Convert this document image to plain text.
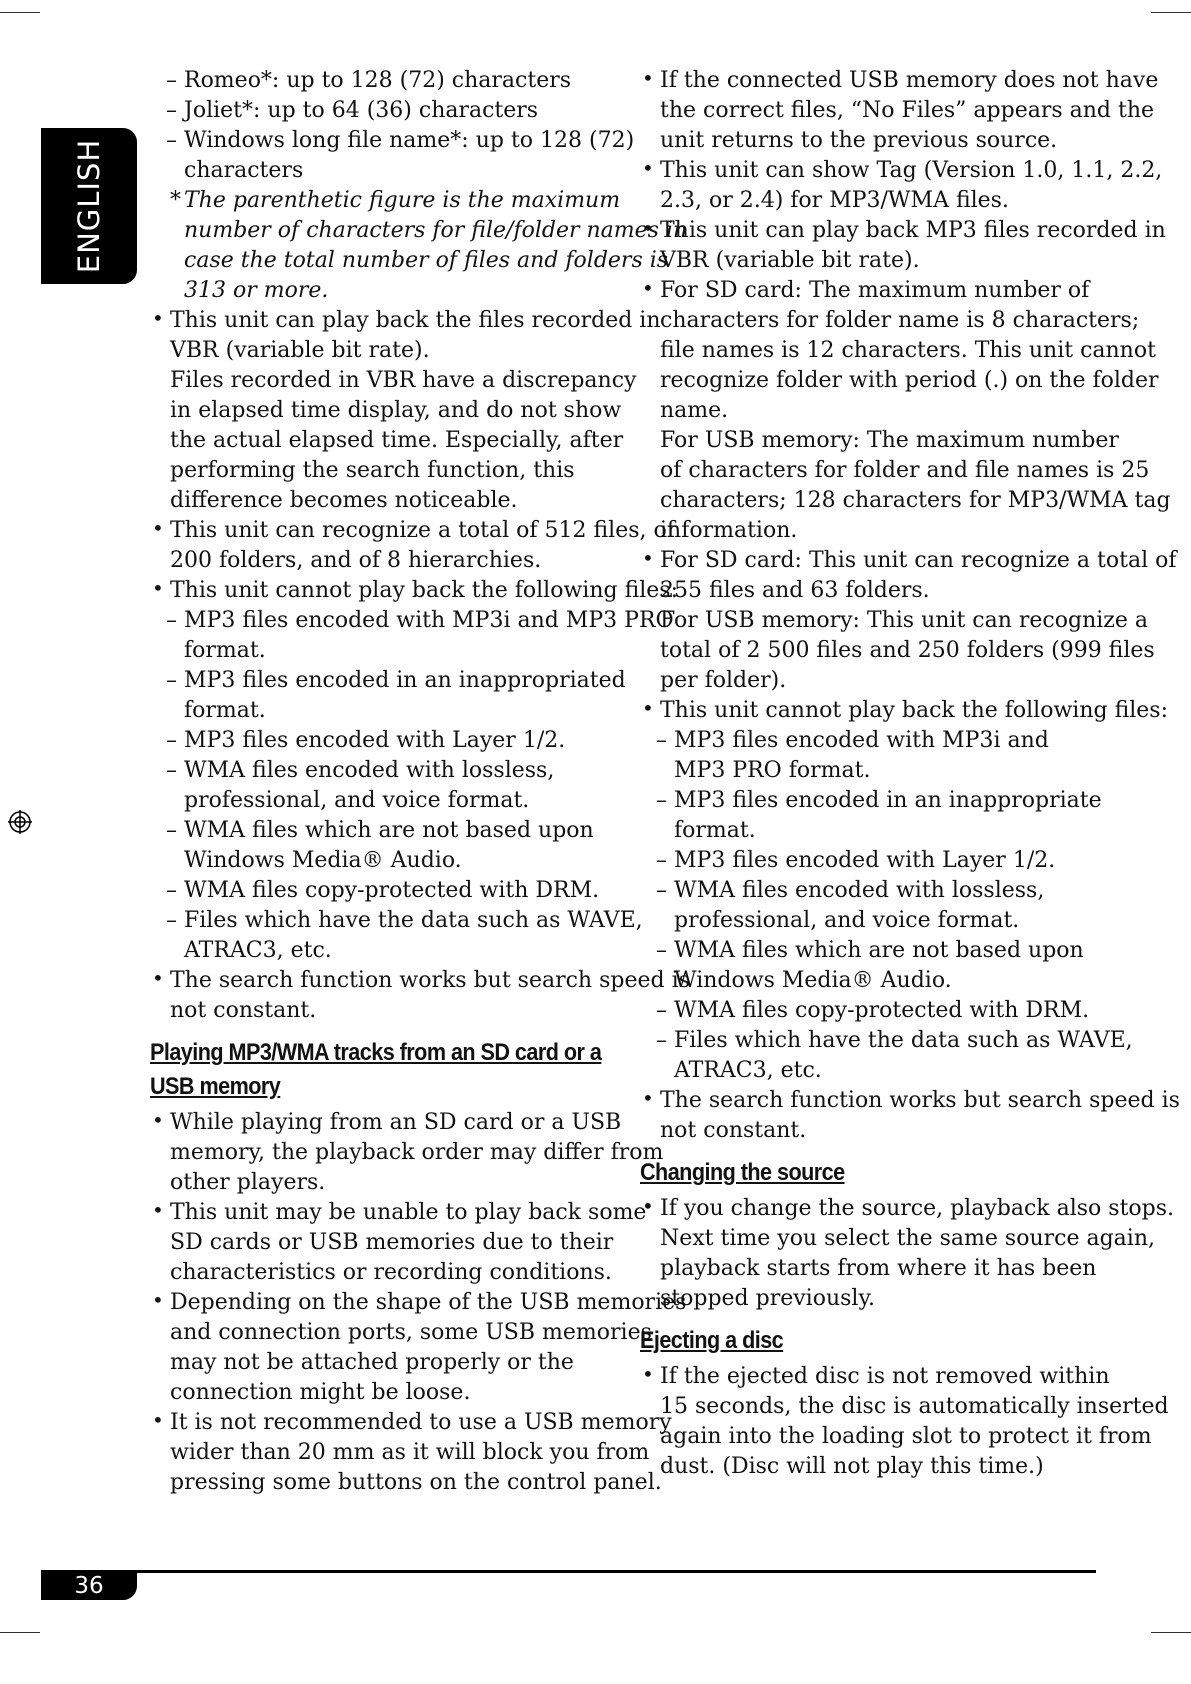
ENGLISH
– Romeo*: up to 128 (72) characters
– Joliet*: up to 64 (36) characters
– Windows long file name*: up to 128 (72)
characters
* The parenthetic figure is the maximum
number of characters for file/folder names in
case the total number of files and folders is
313 or more.
• This unit can play back the files recorded in
VBR (variable bit rate).
Files recorded in VBR have a discrepancy
in elapsed time display, and do not show
the actual elapsed time. Especially, after
performing the search function, this
difference becomes noticeable.
• This unit can recognize a total of 512 files, of
200 folders, and of 8 hierarchies.
• This unit cannot play back the following files:
– MP3 files encoded with MP3i and MP3 PRO
format.
– MP3 files encoded in an inappropriated
format.
– MP3 files encoded with Layer 1/2.
– WMA files encoded with lossless,
professional, and voice format.
– WMA files which are not based upon
Windows Media® Audio.
– WMA files copy-protected with DRM.
– Files which have the data such as WAVE,
ATRAC3, etc.
• The search function works but search speed is
not constant.
Playing MP3/WMA tracks from an SD card or a
USB memory
• While playing from an SD card or a USB
memory, the playback order may differ from
other players.
• This unit may be unable to play back some
SD cards or USB memories due to their
characteristics or recording conditions.
• Depending on the shape of the USB memories
and connection ports, some USB memories
may not be attached properly or the
connection might be loose.
• It is not recommended to use a USB memory
wider than 20 mm as it will block you from
pressing some buttons on the control panel.
• If the connected USB memory does not have
the correct files, “No Files” appears and the
unit returns to the previous source.
• This unit can show Tag (Version 1.0, 1.1, 2.2,
2.3, or 2.4) for MP3/WMA files.
• This unit can play back MP3 files recorded in
VBR (variable bit rate).
• For SD card: The maximum number of
characters for folder name is 8 characters;
file names is 12 characters. This unit cannot
recognize folder with period (.) on the folder
name.
For USB memory: The maximum number
of characters for folder and file names is 25
characters; 128 characters for MP3/WMA tag
information.
• For SD card: This unit can recognize a total of
255 files and 63 folders.
For USB memory: This unit can recognize a
total of 2 500 files and 250 folders (999 files
per folder).
• This unit cannot play back the following files:
– MP3 files encoded with MP3i and
MP3 PRO format.
– MP3 files encoded in an inappropriate
format.
– MP3 files encoded with Layer 1/2.
– WMA files encoded with lossless,
professional, and voice format.
– WMA files which are not based upon
Windows Media® Audio.
– WMA files copy-protected with DRM.
– Files which have the data such as WAVE,
ATRAC3, etc.
• The search function works but search speed is
not constant.
Changing the source
• If you change the source, playback also stops.
Next time you select the same source again,
playback starts from where it has been
stopped previously.
Ejecting a disc
• If the ejected disc is not removed within
15 seconds, the disc is automatically inserted
again into the loading slot to protect it from
dust. (Disc will not play this time.)
36
